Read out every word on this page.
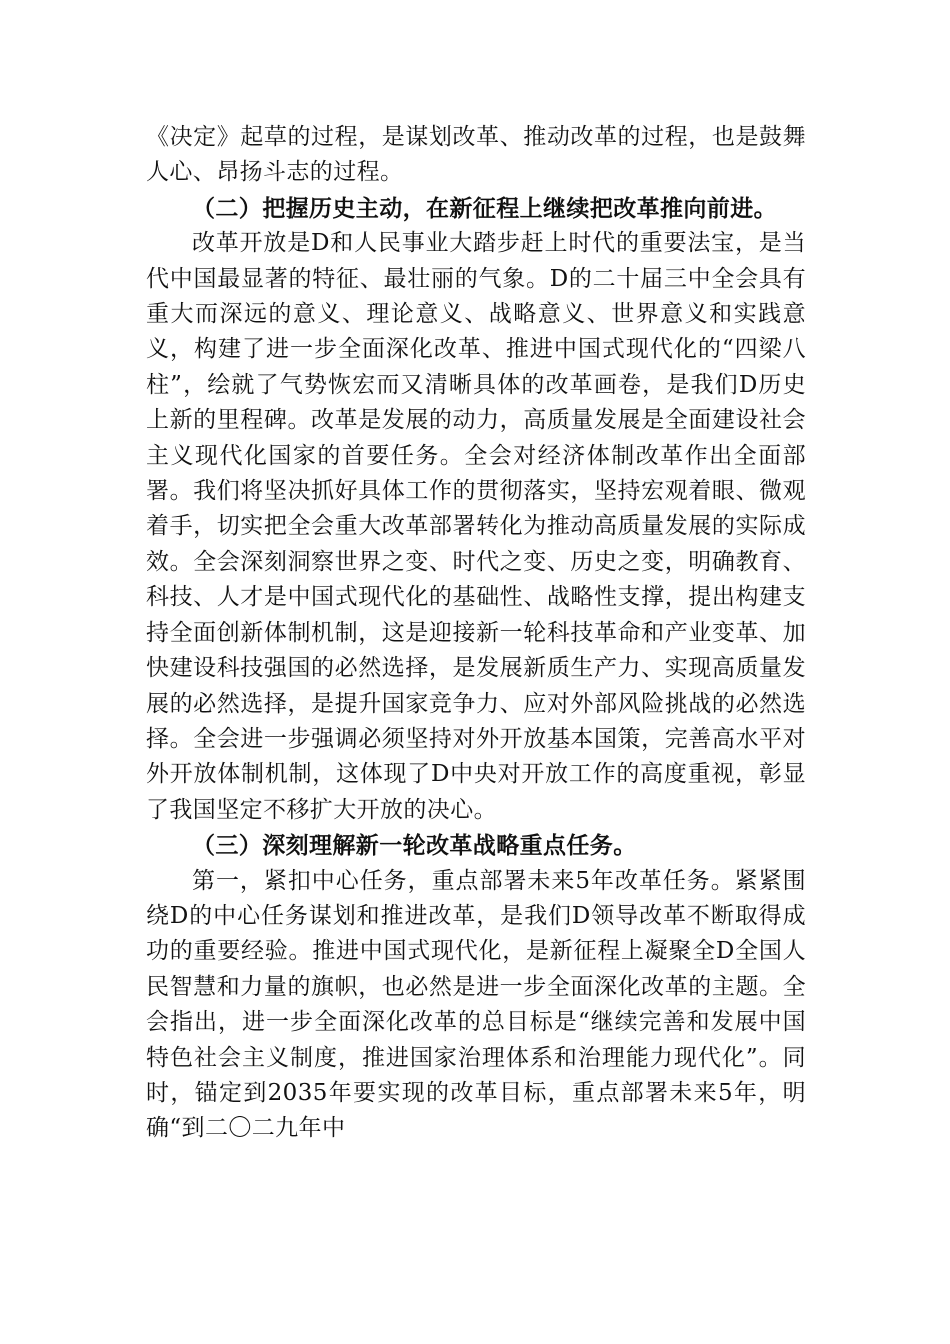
《决定》起草的过程，是谋划改革、推动改革的过程，也是鼓舞人心、昂扬斗志的过程。

（二）把握历史主动，在新征程上继续把改革推向前进。

改革开放是D和人民事业大踏步赶上时代的重要法宝，是当代中国最显著的特征、最壮丽的气象。D的二十届三中全会具有重大而深远的意义、理论意义、战略意义、世界意义和实践意义，构建了进一步全面深化改革、推进中国式现代化的“四梁八柱”，绘就了气势恢宏而又清晰具体的改革画卷，是我们D历史上新的里程碑。改革是发展的动力，高质量发展是全面建设社会主义现代化国家的首要任务。全会对经济体制改革作出全面部署。我们将坚决抓好具体工作的贯彻落实，坚持宏观着眼、微观着手，切实把全会重大改革部署转化为推动高质量发展的实际成效。全会深刻洞察世界之变、时代之变、历史之变，明确教育、科技、人才是中国式现代化的基础性、战略性支撑，提出构建支持全面创新体制机制，这是迎接新一轮科技革命和产业变革、加快建设科技强国的必然选择，是发展新质生产力、实现高质量发展的必然选择，是提升国家竞争力、应对外部风险挑战的必然选择。全会进一步强调必须坚持对外开放基本国策，完善高水平对外开放体制机制，这体现了D中央对开放工作的高度重视，彰显了我国坚定不移扩大开放的决心。

（三）深刻理解新一轮改革战略重点任务。

第一，紧扣中心任务，重点部署未来5年改革任务。紧紧围绕D的中心任务谋划和推进改革，是我们D领导改革不断取得成功的重要经验。推进中国式现代化，是新征程上凝聚全D全国人民智慧和力量的旗帜，也必然是进一步全面深化改革的主题。全会指出，进一步全面深化改革的总目标是“继续完善和发展中国特色社会主义制度，推进国家治理体系和治理能力现代化”。同时，锚定到2035年要实现的改革目标，重点部署未来5年，明确“到二〇二九年中
